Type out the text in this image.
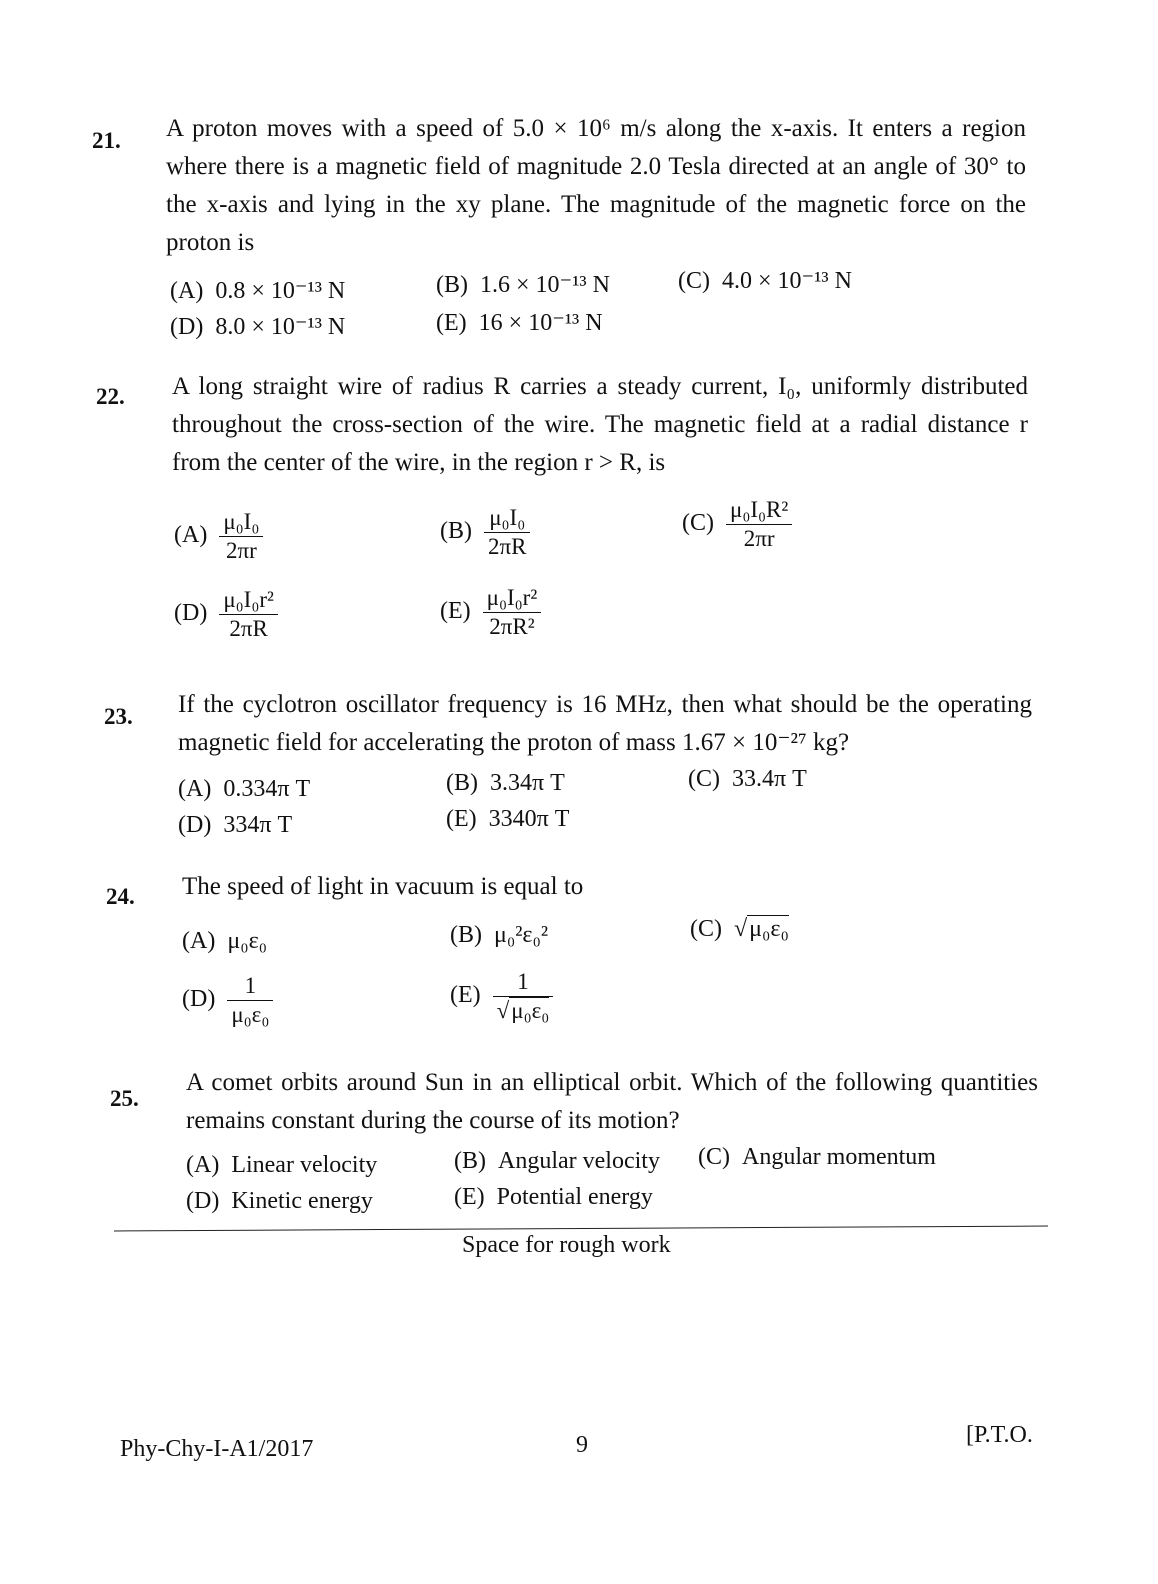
21. A proton moves with a speed of 5.0 × 10⁶ m/s along the x-axis. It enters a region where there is a magnetic field of magnitude 2.0 Tesla directed at an angle of 30° to the x-axis and lying in the xy plane. The magnitude of the magnetic force on the proton is
(A) 0.8 × 10⁻¹³ N	(B) 1.6 × 10⁻¹³ N	(C) 4.0 × 10⁻¹³ N
(D) 8.0 × 10⁻¹³ N	(E) 16 × 10⁻¹³ N
22. A long straight wire of radius R carries a steady current, I₀, uniformly distributed throughout the cross-section of the wire. The magnetic field at a radial distance r from the center of the wire, in the region r > R, is
$(A) \frac{\text{μ₀I₀}}{2\pi r}$	$(B) \frac{\text{μ₀I₀}}{2\pi R}$	$(C) \frac{\text{μ₀I₀R²}}{2\pi r}$
$(D) \frac{\text{μ₀I₀r²}}{2\pi R}$	$(E) \frac{\text{μ₀I₀r²}}{\text{2πR²}}$
23. If the cyclotron oscillator frequency is 16 MHz, then what should be the operating magnetic field for accelerating the proton of mass 1.67 × 10⁻²⁷ kg?
(A) 0.334π T	(B) 3.34π T	(C) 33.4π T
(D) 334π T	(E) 3340π T
24. The speed of light in vacuum is equal to
(A) μ₀ε₀	(B) μ₀²ε₀²	(C) √μ₀ε₀
$(D) \frac{1}{\text{μ₀ε₀}}$	$(E) \frac{1}{\text{√μ₀ε₀}}$
25.
A comet orbits around Sun in an elliptical orbit. Which of the following quantities remains constant during the course of its motion?
(A) Linear velocity	(B) Angular velocity (C) Angular momentum
(D) Kinetic energy	(E) Potential energy
Space for rough work
Phy-Chy-I-A1/2017	9	[P.T.O.
